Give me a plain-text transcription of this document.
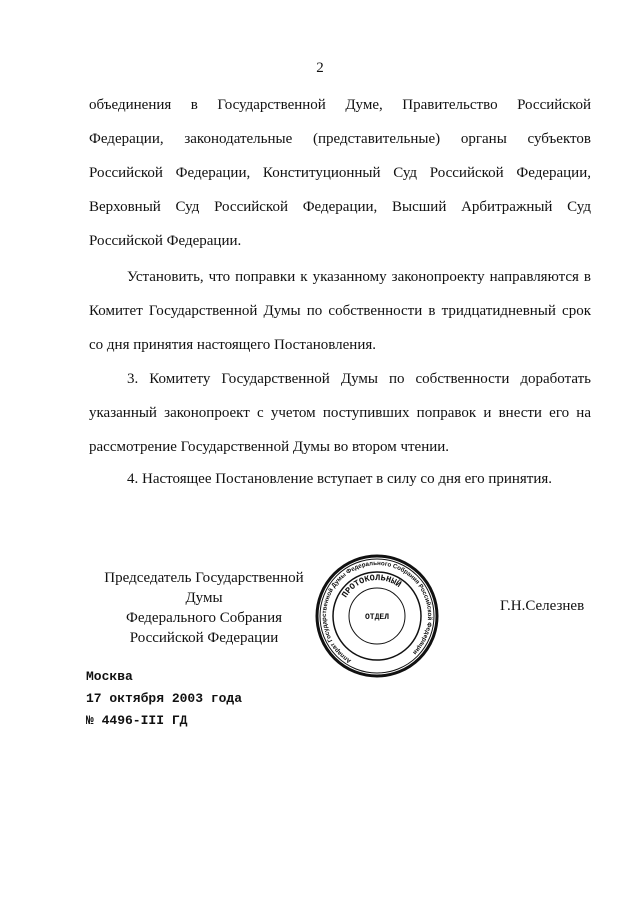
2
объединения в Государственной Думе, Правительство Российской
Федерации, законодательные (представительные) органы субъектов
Российской Федерации, Конституционный Суд Российской Федерации,
Верховный Суд Российской Федерации, Высший Арбитражный Суд
Российской Федерации.
Установить, что поправки к указанному законопроекту направляются в
Комитет Государственной Думы по собственности в тридцатидневный срок
со дня принятия настоящего Постановления.
3. Комитету Государственной Думы по собственности доработать
указанный законопроект с учетом поступивших поправок и внести его на
рассмотрение Государственной Думы во втором чтении.
4. Настоящее Постановление вступает в силу со дня его принятия.
Председатель Государственной Думы
Федерального Собрания
Российской Федерации
Аппарат Государственной Думы Федерального Собрания Российской Федерации
ПРОТОКОЛЬНЫЙ
ОТДЕЛ
Г.Н.Селезнев
Москва
17 октября 2003 года
№ 4496-III ГД
